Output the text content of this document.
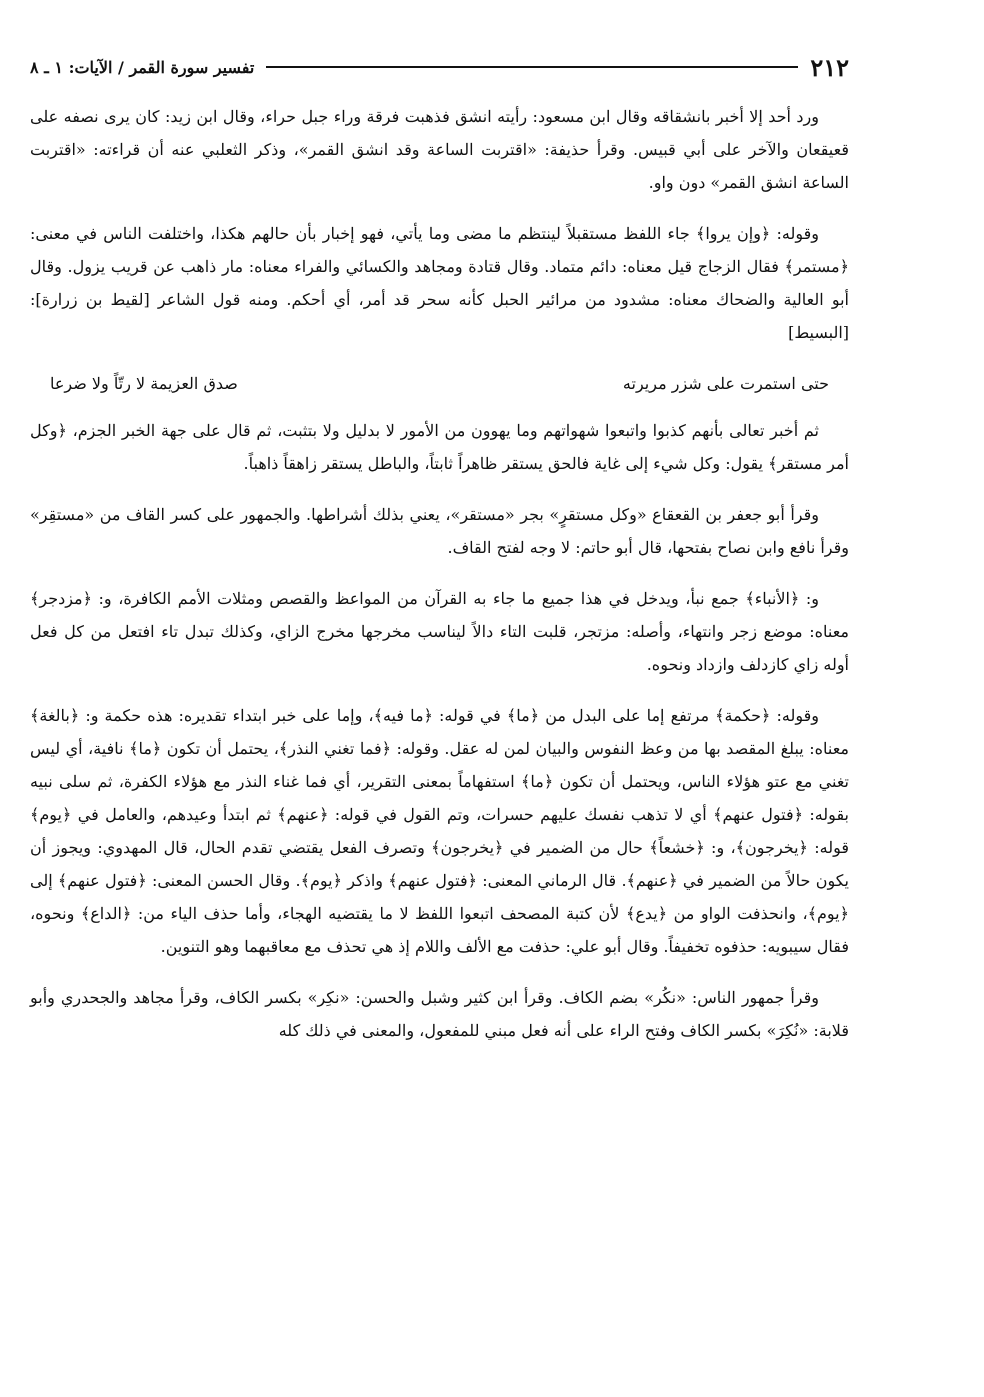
٢١٢
تفسير سورة القمر / الآيات: ١ ـ ٨

ورد أحد إلا أخبر بانشقاقه وقال ابن مسعود: رأيته انشق فذهبت فرقة وراء جبل حراء، وقال ابن زيد: كان يرى نصفه على قعيقعان والآخر على أبي قبيس. وقرأ حذيفة: «اقتربت الساعة وقد انشق القمر»، وذكر الثعلبي عنه أن قراءته: «اقتربت الساعة انشق القمر» دون واو.

وقوله: ﴿وإن يروا﴾ جاء اللفظ مستقبلاً لينتظم ما مضى وما يأتي، فهو إخبار بأن حالهم هكذا، واختلفت الناس في معنى: ﴿مستمر﴾ فقال الزجاج قيل معناه: دائم متماد. وقال قتادة ومجاهد والكسائي والفراء معناه: مار ذاهب عن قريب يزول. وقال أبو العالية والضحاك معناه: مشدود من مرائير الحبل كأنه سحر قد أمر، أي أحكم. ومنه قول الشاعر [لقيط بن زرارة]: [البسيط]

حتى استمرت على شزر مريرته
صدق العزيمة لا رتّاً ولا ضرعا

ثم أخبر تعالى بأنهم كذبوا واتبعوا شهواتهم وما يهوون من الأمور لا بدليل ولا بتثبت، ثم قال على جهة الخبر الجزم، ﴿وكل أمر مستقر﴾ يقول: وكل شيء إلى غاية فالحق يستقر ظاهراً ثابتاً، والباطل يستقر زاهقاً ذاهباً.

وقرأ أبو جعفر بن القعقاع «وكل مستقرٍ» بجر «مستقر»، يعني بذلك أشراطها. والجمهور على كسر القاف من «مستقِر» وقرأ نافع وابن نصاح بفتحها، قال أبو حاتم: لا وجه لفتح القاف.

و: ﴿الأنباء﴾ جمع نبأ، ويدخل في هذا جميع ما جاء به القرآن من المواعظ والقصص ومثلات الأمم الكافرة، و: ﴿مزدجر﴾ معناه: موضع زجر وانتهاء، وأصله: مزتجر، قلبت التاء دالاً ليناسب مخرجها مخرج الزاي، وكذلك تبدل تاء افتعل من كل فعل أوله زاي كازدلف وازداد ونحوه.

وقوله: ﴿حكمة﴾ مرتفع إما على البدل من ﴿ما﴾ في قوله: ﴿ما فيه﴾، وإما على خبر ابتداء تقديره: هذه حكمة و: ﴿بالغة﴾ معناه: يبلغ المقصد بها من وعظ النفوس والبيان لمن له عقل. وقوله: ﴿فما تغني النذر﴾، يحتمل أن تكون ﴿ما﴾ نافية، أي ليس تغني مع عتو هؤلاء الناس، ويحتمل أن تكون ﴿ما﴾ استفهاماً بمعنى التقرير، أي فما غناء النذر مع هؤلاء الكفرة، ثم سلى نبيه بقوله: ﴿فتول عنهم﴾ أي لا تذهب نفسك عليهم حسرات، وتم القول في قوله: ﴿عنهم﴾ ثم ابتدأ وعيدهم، والعامل في ﴿يوم﴾ قوله: ﴿يخرجون﴾، و: ﴿خشعاً﴾ حال من الضمير في ﴿يخرجون﴾ وتصرف الفعل يقتضي تقدم الحال، قال المهدوي: ويجوز أن يكون حالاً من الضمير في ﴿عنهم﴾. قال الرماني المعنى: ﴿فتول عنهم﴾ واذكر ﴿يوم﴾. وقال الحسن المعنى: ﴿فتول عنهم﴾ إلى ﴿يوم﴾، وانحذفت الواو من ﴿يدع﴾ لأن كتبة المصحف اتبعوا اللفظ لا ما يقتضيه الهجاء، وأما حذف الياء من: ﴿الداع﴾ ونحوه، فقال سيبويه: حذفوه تخفيفاً. وقال أبو علي: حذفت مع الألف واللام إذ هي تحذف مع معاقبهما وهو التنوين.

وقرأ جمهور الناس: «نكُر» بضم الكاف. وقرأ ابن كثير وشبل والحسن: «نكِر» بكسر الكاف، وقرأ مجاهد والجحدري وأبو قلابة: «نُكِرَ» بكسر الكاف وفتح الراء على أنه فعل مبني للمفعول، والمعنى في ذلك كله
